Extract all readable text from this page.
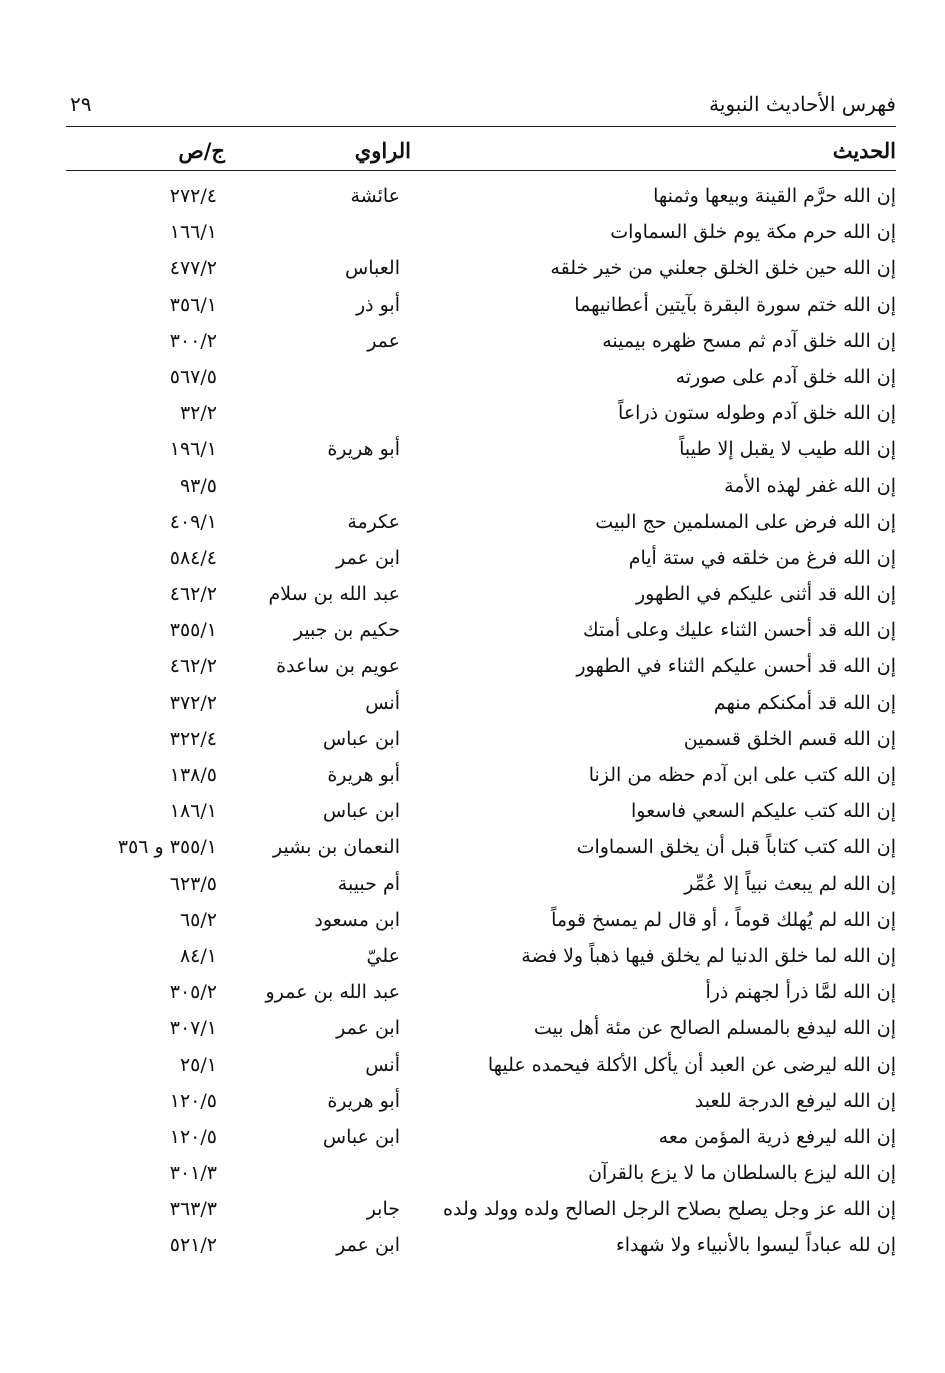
فهرس الأحاديث النبوية
٢٩
الحديث
الراوي
ج/ص
إن الله حرَّم القينة وبيعها وثمنها
عائشة
٢٧٢/٤
إن الله حرم مكة يوم خلق السماوات
١٦٦/١
إن الله حين خلق الخلق جعلني من خير خلقه
العباس
٤٧٧/٢
إن الله ختم سورة البقرة بآيتين أعطانيهما
أبو ذر
٣٥٦/١
إن الله خلق آدم ثم مسح ظهره بيمينه
عمر
٣٠٠/٢
إن الله خلق آدم على صورته
٥٦٧/٥
إن الله خلق آدم وطوله ستون ذراعاً
٣٢/٢
إن الله طيب لا يقبل إلا طيباً
أبو هريرة
١٩٦/١
إن الله غفر لهذه الأمة
٩٣/٥
إن الله فرض على المسلمين حج البيت
عكرمة
٤٠٩/١
إن الله فرغ من خلقه في ستة أيام
ابن عمر
٥٨٤/٤
إن الله قد أثنى عليكم في الطهور
عبد الله بن سلام
٤٦٢/٢
إن الله قد أحسن الثناء عليك وعلى أمتك
حكيم بن جبير
٣٥٥/١
إن الله قد أحسن عليكم الثناء في الطهور
عويم بن ساعدة
٤٦٢/٢
إن الله قد أمكنكم منهم
أنس
٣٧٢/٢
إن الله قسم الخلق قسمين
ابن عباس
٣٢٢/٤
إن الله كتب على ابن آدم حظه من الزنا
أبو هريرة
١٣٨/٥
إن الله كتب عليكم السعي فاسعوا
ابن عباس
١٨٦/١
إن الله كتب كتاباً قبل أن يخلق السماوات
النعمان بن بشير
٣٥٥/١ و ٣٥٦
إن الله لم يبعث نبياً إلا عُمِّر
أم حبيبة
٦٢٣/٥
إن الله لم يُهلك قوماً ، أو قال لم يمسخ قوماً
ابن مسعود
٦٥/٢
إن الله لما خلق الدنيا لم يخلق فيها ذهباً ولا فضة
عليّ
٨٤/١
إن الله لمَّا ذرأ لجهنم ذرأ
عبد الله بن عمرو
٣٠٥/٢
إن الله ليدفع بالمسلم الصالح عن مئة أهل بيت
ابن عمر
٣٠٧/١
إن الله ليرضى عن العبد أن يأكل الأكلة فيحمده عليها
أنس
٢٥/١
إن الله ليرفع الدرجة للعبد
أبو هريرة
١٢٠/٥
إن الله ليرفع ذرية المؤمن معه
ابن عباس
١٢٠/٥
إن الله ليزع بالسلطان ما لا يزع بالقرآن
٣٠١/٣
إن الله عز وجل يصلح بصلاح الرجل الصالح ولده وولد ولده
جابر
٣٦٣/٣
إن لله عباداً ليسوا بالأنبياء ولا شهداء
ابن عمر
٥٢١/٢
